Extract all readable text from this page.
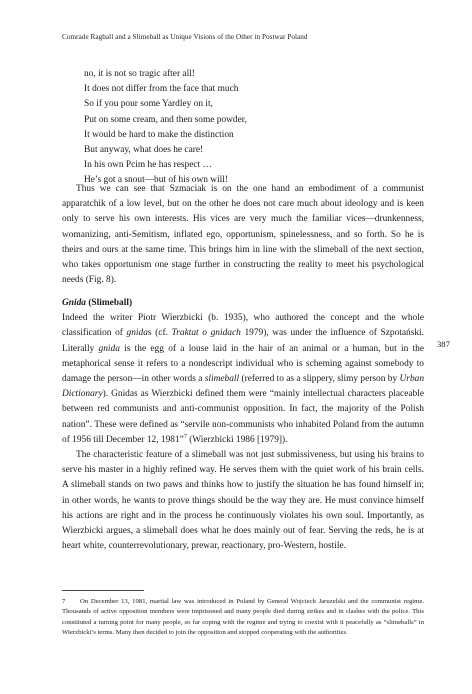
Comrade Ragball and a Slimeball as Unique Visions of the Other in Postwar Poland
no, it is not so tragic after all!
It does not differ from the face that much
So if you pour some Yardley on it,
Put on some cream, and then some powder,
It would be hard to make the distinction
But anyway, what does he care!
In his own Pcim he has respect …
He’s got a snout—but of his own will!
Thus we can see that Szmaciak is on the one hand an embodiment of a communist apparatchik of a low level, but on the other he does not care much about ideology and is keen only to serve his own interests. His vices are very much the familiar vices—drunkenness, womanizing, anti-Semitism, inflated ego, opportunism, spinelessness, and so forth. So he is theirs and ours at the same time. This brings him in line with the slimeball of the next section, who takes opportunism one stage further in constructing the reality to meet his psychological needs (Fig. 8).
Gnida (Slimeball)

Indeed the writer Piotr Wierzbicki (b. 1935), who authored the concept and the whole classification of gnidas (cf. Traktat o gnidach 1979), was under the influence of Szpotański. Literally gnida is the egg of a louse laid in the hair of an animal or a human, but in the metaphorical sense it refers to a nondescript individual who is scheming against somebody to damage the person—in other words a slimeball (referred to as a slippery, slimy person by Urban Dictionary). Gnidas as Wierzbicki defined them were “mainly intellectual characters placeable between red communists and anti-communist opposition. In fact, the majority of the Polish nation”. These were defined as “servile non-communists who inhabited Poland from the autumn of 1956 till December 12, 1981”$^7$ (Wierzbicki 1986 [1979]).

The characteristic feature of a slimeball was not just submissiveness, but using his brains to serve his master in a highly refined way. He serves them with the quiet work of his brain cells. A slimeball stands on two paws and thinks how to justify the situation he has found himself in; in other words, he wants to prove things should be the way they are. He must convince himself his actions are right and in the process he continuously violates his own soul. Importantly, as Wierzbicki argues, a slimeball does what he does mainly out of fear. Serving the reds, he is at heart white, counterrevolutionary, prewar, reactionary, pro-Western, hostile.

387
7 On December 13, 1981, martial law was introduced in Poland by General Wojciech Jaruzelski and the communist regime. Thousands of active opposition members were imprisoned and many people died during strikes and in clashes with the police. This constituted a turning point for many people, so far coping with the regime and trying to coexist with it peacefully as “slimeballs” in Wierzbicki’s terms. Many then decided to join the opposition and stopped cooperating with the authorities.
